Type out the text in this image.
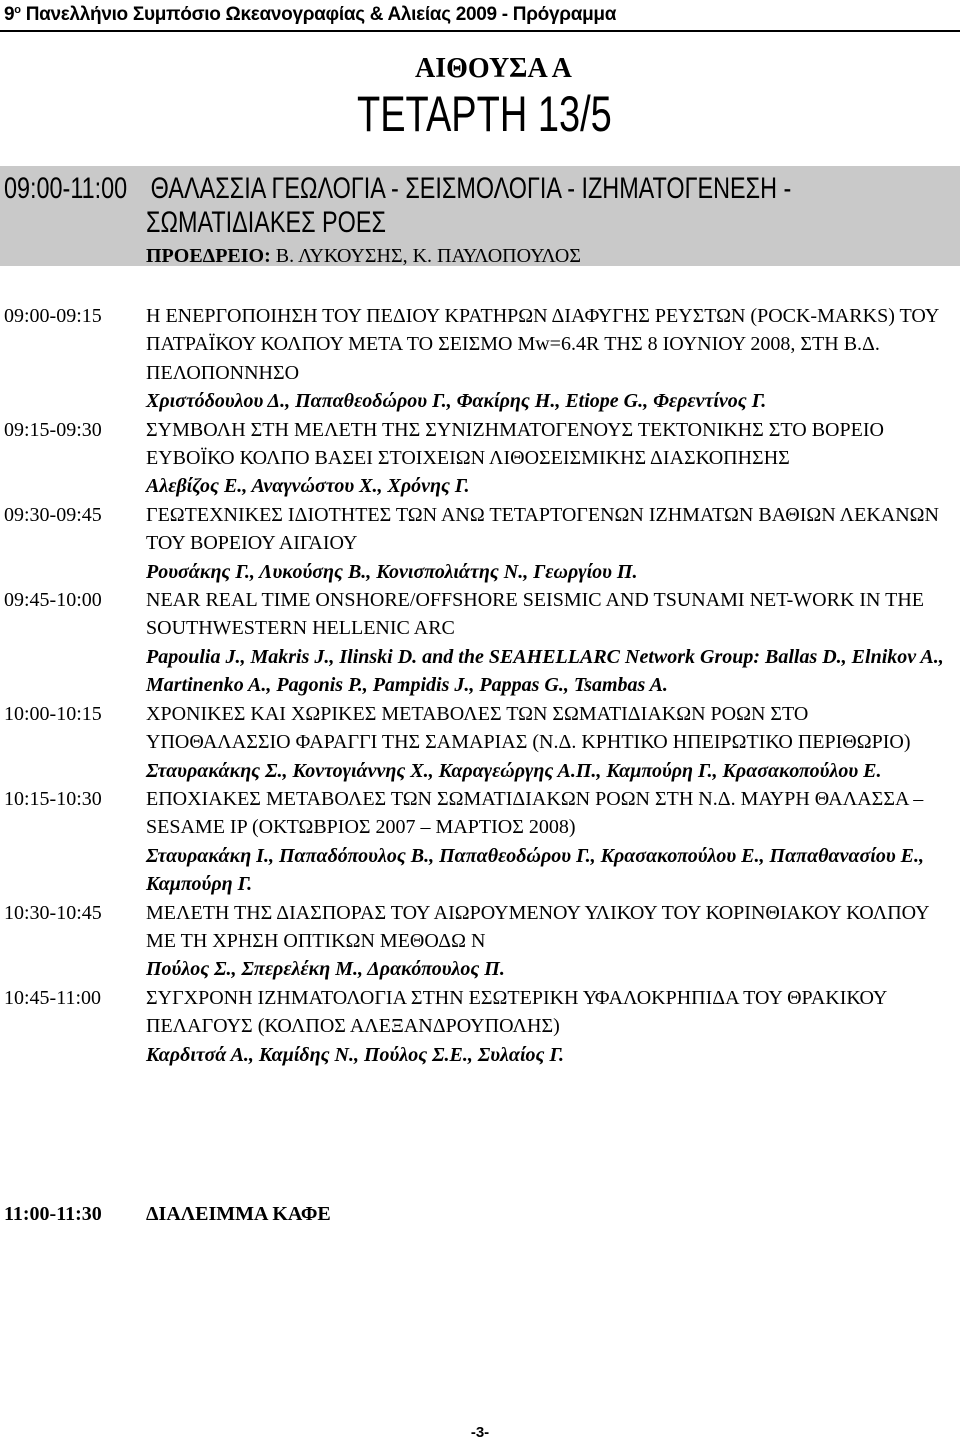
$9^o$ Πανελλήνιο Συμπόσιο Ωκεανογραφίας & Αλιείας 2009 - Πρόγραμμα
ΑΙΘΟΥΣΑ Α
ΤΕΤΑΡΤΗ 13/5
09:00-11:00 ΘΑΛΑΣΣΙΑ ΓΕΩΛΟΓΙΑ - ΣΕΙΣΜΟΛΟΓΙΑ - ΙΖΗΜΑΤΟΓΕΝΕΣΗ -
ΣΩΜΑΤΙΔΙΑΚΕΣ ΡΟΕΣ
ΠΡΟΕΔΡΕΙΟ: Β. ΛΥΚΟΥΣΗΣ, Κ. ΠΑΥΛΟΠΟΥΛΟΣ
09:00-09:15	Η ΕΝΕΡΓΟΠΟΙΗΣΗ ΤΟΥ ΠΕΔΙΟΥ ΚΡΑΤΗΡΩΝ ΔΙΑΦΥΓΗΣ ΡΕΥΣΤΩΝ (POCK-MARKS) ΤΟΥ ΠΑΤΡΑΪΚΟΥ ΚΟΛΠΟΥ ΜΕΤΑ ΤΟ ΣΕΙΣΜΟ Mw=6.4R ΤΗΣ 8 ΙΟΥΝΙΟΥ 2008, ΣΤΗ Β.Δ. ΠΕΛΟΠΟΝΝΗΣΟ
Χριστόδουλου Δ., Παπαθεοδώρου Γ., Φακίρης Η., Etiope G., Φερεντίνος Γ.
09:15-09:30	ΣΥΜΒΟΛΗ ΣΤΗ ΜΕΛΕΤΗ ΤΗΣ ΣΥΝΙΖΗΜΑΤΟΓΕΝΟΥΣ ΤΕΚΤΟΝΙΚΗΣ ΣΤΟ ΒΟΡΕΙΟ ΕΥΒΟΪΚΟ ΚΟΛΠΟ ΒΑΣΕΙ ΣΤΟΙΧΕΙΩΝ ΛΙΘΟΣΕΙΣΜΙΚΗΣ ΔΙΑΣΚΟΠΗΣΗΣ
Αλεβίζος Ε., Αναγνώστου Χ., Χρόνης Γ.
09:30-09:45	ΓΕΩΤΕΧΝΙΚΕΣ ΙΔΙΟΤΗΤΕΣ ΤΩΝ ΑΝΩ ΤΕΤΑΡΤΟΓΕΝΩΝ ΙΖΗΜΑΤΩΝ ΒΑΘΙΩΝ ΛΕΚΑΝΩΝ ΤΟΥ ΒΟΡΕΙΟΥ ΑΙΓΑΙΟΥ
Ρουσάκης Γ., Λυκούσης Β., Κονισπολιάτης Ν., Γεωργίου Π.
09:45-10:00	NEAR REAL TIME ONSHORE/OFFSHORE SEISMIC AND TSUNAMI NET-WORK IN THE SOUTHWESTERN HELLENIC ARC
Papoulia J., Makris J., Ilinski D. and the SEAHELLARC Network Group: Ballas D., Elnikov A., Martinenko A., Pagonis P., Pampidis J., Pappas G., Tsambas A.
10:00-10:15	ΧΡΟΝΙΚΕΣ ΚΑΙ ΧΩΡΙΚΕΣ ΜΕΤΑΒΟΛΕΣ ΤΩΝ ΣΩΜΑΤΙΔΙΑΚΩΝ ΡΟΩΝ ΣΤΟ ΥΠΟΘΑΛΑΣΣΙΟ ΦΑΡΑΓΓΙ ΤΗΣ ΣΑΜΑΡΙΑΣ (Ν.Δ. ΚΡΗΤΙΚΟ ΗΠΕΙΡΩΤΙΚΟ ΠΕΡΙΘΩΡΙΟ)
Σταυρακάκης Σ., Κοντογιάννης Χ., Καραγεώργης Α.Π., Καμπούρη Γ., Κρασακοπούλου Ε.
10:15-10:30	ΕΠΟΧΙΑΚΕΣ ΜΕΤΑΒΟΛΕΣ ΤΩΝ ΣΩΜΑΤΙΔΙΑΚΩΝ ΡΟΩΝ ΣΤΗ Ν.Δ. ΜΑΥΡΗ ΘΑΛΑΣΣΑ –SESAME IP (ΟΚΤΩΒΡΙΟΣ 2007 – ΜΑΡΤΙΟΣ 2008)
Σταυρακάκη Ι., Παπαδόπουλος Β., Παπαθεοδώρου Γ., Κρασακοπούλου Ε., Παπαθανασίου Ε., Καμπούρη Γ.
10:30-10:45	ΜΕΛΕΤΗ ΤΗΣ ΔΙΑΣΠΟΡΑΣ ΤΟΥ ΑΙΩΡΟΥΜΕΝΟΥ ΥΛΙΚΟΥ ΤΟΥ ΚΟΡΙΝΘΙΑΚΟΥ ΚΟΛΠΟΥ ΜΕ ΤΗ ΧΡΗΣΗ ΟΠΤΙΚΩΝ ΜΕΘΟΔΩ Ν
Πούλος Σ., Σπερελέκη Μ., Δρακόπουλος Π.
10:45-11:00	ΣΥΓΧΡΟΝΗ ΙΖΗΜΑΤΟΛΟΓΙΑ ΣΤΗΝ ΕΣΩΤΕΡΙΚΗ ΥΦΑΛΟΚΡΗΠΙΔΑ ΤΟΥ ΘΡΑΚΙΚΟΥ ΠΕΛΑΓΟΥΣ (ΚΟΛΠΟΣ ΑΛΕΞΑΝΔΡΟΥΠΟΛΗΣ)
Καρδιτσά Α., Καμίδης Ν., Πούλος Σ.Ε., Συλαίος Γ.
11:00-11:30 ΔΙΑΛΕΙΜΜΑ ΚΑΦΕ
-3-
